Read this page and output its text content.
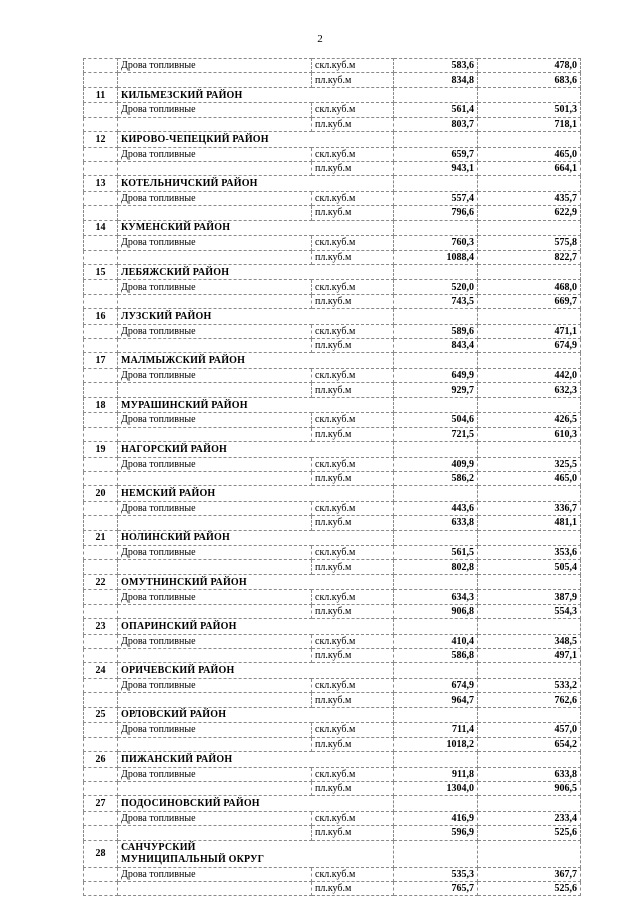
2
	Дрова топливные	скл.куб.м	583,6	478,0
		пл.куб.м	834,8	683,6
11	КИЛЬМЕЗСКИЙ РАЙОН			
	Дрова топливные	скл.куб.м	561,4	501,3
		пл.куб.м	803,7	718,1
12	КИРОВО-ЧЕПЕЦКИЙ РАЙОН			
	Дрова топливные	скл.куб.м	659,7	465,0
		пл.куб.м	943,1	664,1
13	КОТЕЛЬНИЧСКИЙ РАЙОН			
	Дрова топливные	скл.куб.м	557,4	435,7
		пл.куб.м	796,6	622,9
14	КУМЕНСКИЙ РАЙОН			
	Дрова топливные	скл.куб.м	760,3	575,8
		пл.куб.м	1088,4	822,7
15	ЛЕБЯЖСКИЙ РАЙОН			
	Дрова топливные	скл.куб.м	520,0	468,0
		пл.куб.м	743,5	669,7
16	ЛУЗСКИЙ РАЙОН			
	Дрова топливные	скл.куб.м	589,6	471,1
		пл.куб.м	843,4	674,9
17	МАЛМЫЖСКИЙ РАЙОН			
	Дрова топливные	скл.куб.м	649,9	442,0
		пл.куб.м	929,7	632,3
18	МУРАШИНСКИЙ РАЙОН			
	Дрова топливные	скл.куб.м	504,6	426,5
		пл.куб.м	721,5	610,3
19	НАГОРСКИЙ РАЙОН			
	Дрова топливные	скл.куб.м	409,9	325,5
		пл.куб.м	586,2	465,0
20	НЕМСКИЙ РАЙОН			
	Дрова топливные	скл.куб.м	443,6	336,7
		пл.куб.м	633,8	481,1
21	НОЛИНСКИЙ РАЙОН			
	Дрова топливные	скл.куб.м	561,5	353,6
		пл.куб.м	802,8	505,4
22	ОМУТНИНСКИЙ РАЙОН			
	Дрова топливные	скл.куб.м	634,3	387,9
		пл.куб.м	906,8	554,3
23	ОПАРИНСКИЙ РАЙОН			
	Дрова топливные	скл.куб.м	410,4	348,5
		пл.куб.м	586,8	497,1
24	ОРИЧЕВСКИЙ РАЙОН			
	Дрова топливные	скл.куб.м	674,9	533,2
		пл.куб.м	964,7	762,6
25	ОРЛОВСКИЙ РАЙОН			
	Дрова топливные	скл.куб.м	711,4	457,0
		пл.куб.м	1018,2	654,2
26	ПИЖАНСКИЙ РАЙОН			
	Дрова топливные	скл.куб.м	911,8	633,8
		пл.куб.м	1304,0	906,5
27	ПОДОСИНОВСКИЙ РАЙОН			
	Дрова топливные	скл.куб.м	416,9	233,4
		пл.куб.м	596,9	525,6
28	САНЧУРСКИЙ
МУНИЦИПАЛЬНЫЙ ОКРУГ			

	Дрова топливные	скл.куб.м	535,3	367,7
		пл.куб.м	765,7	525,6
